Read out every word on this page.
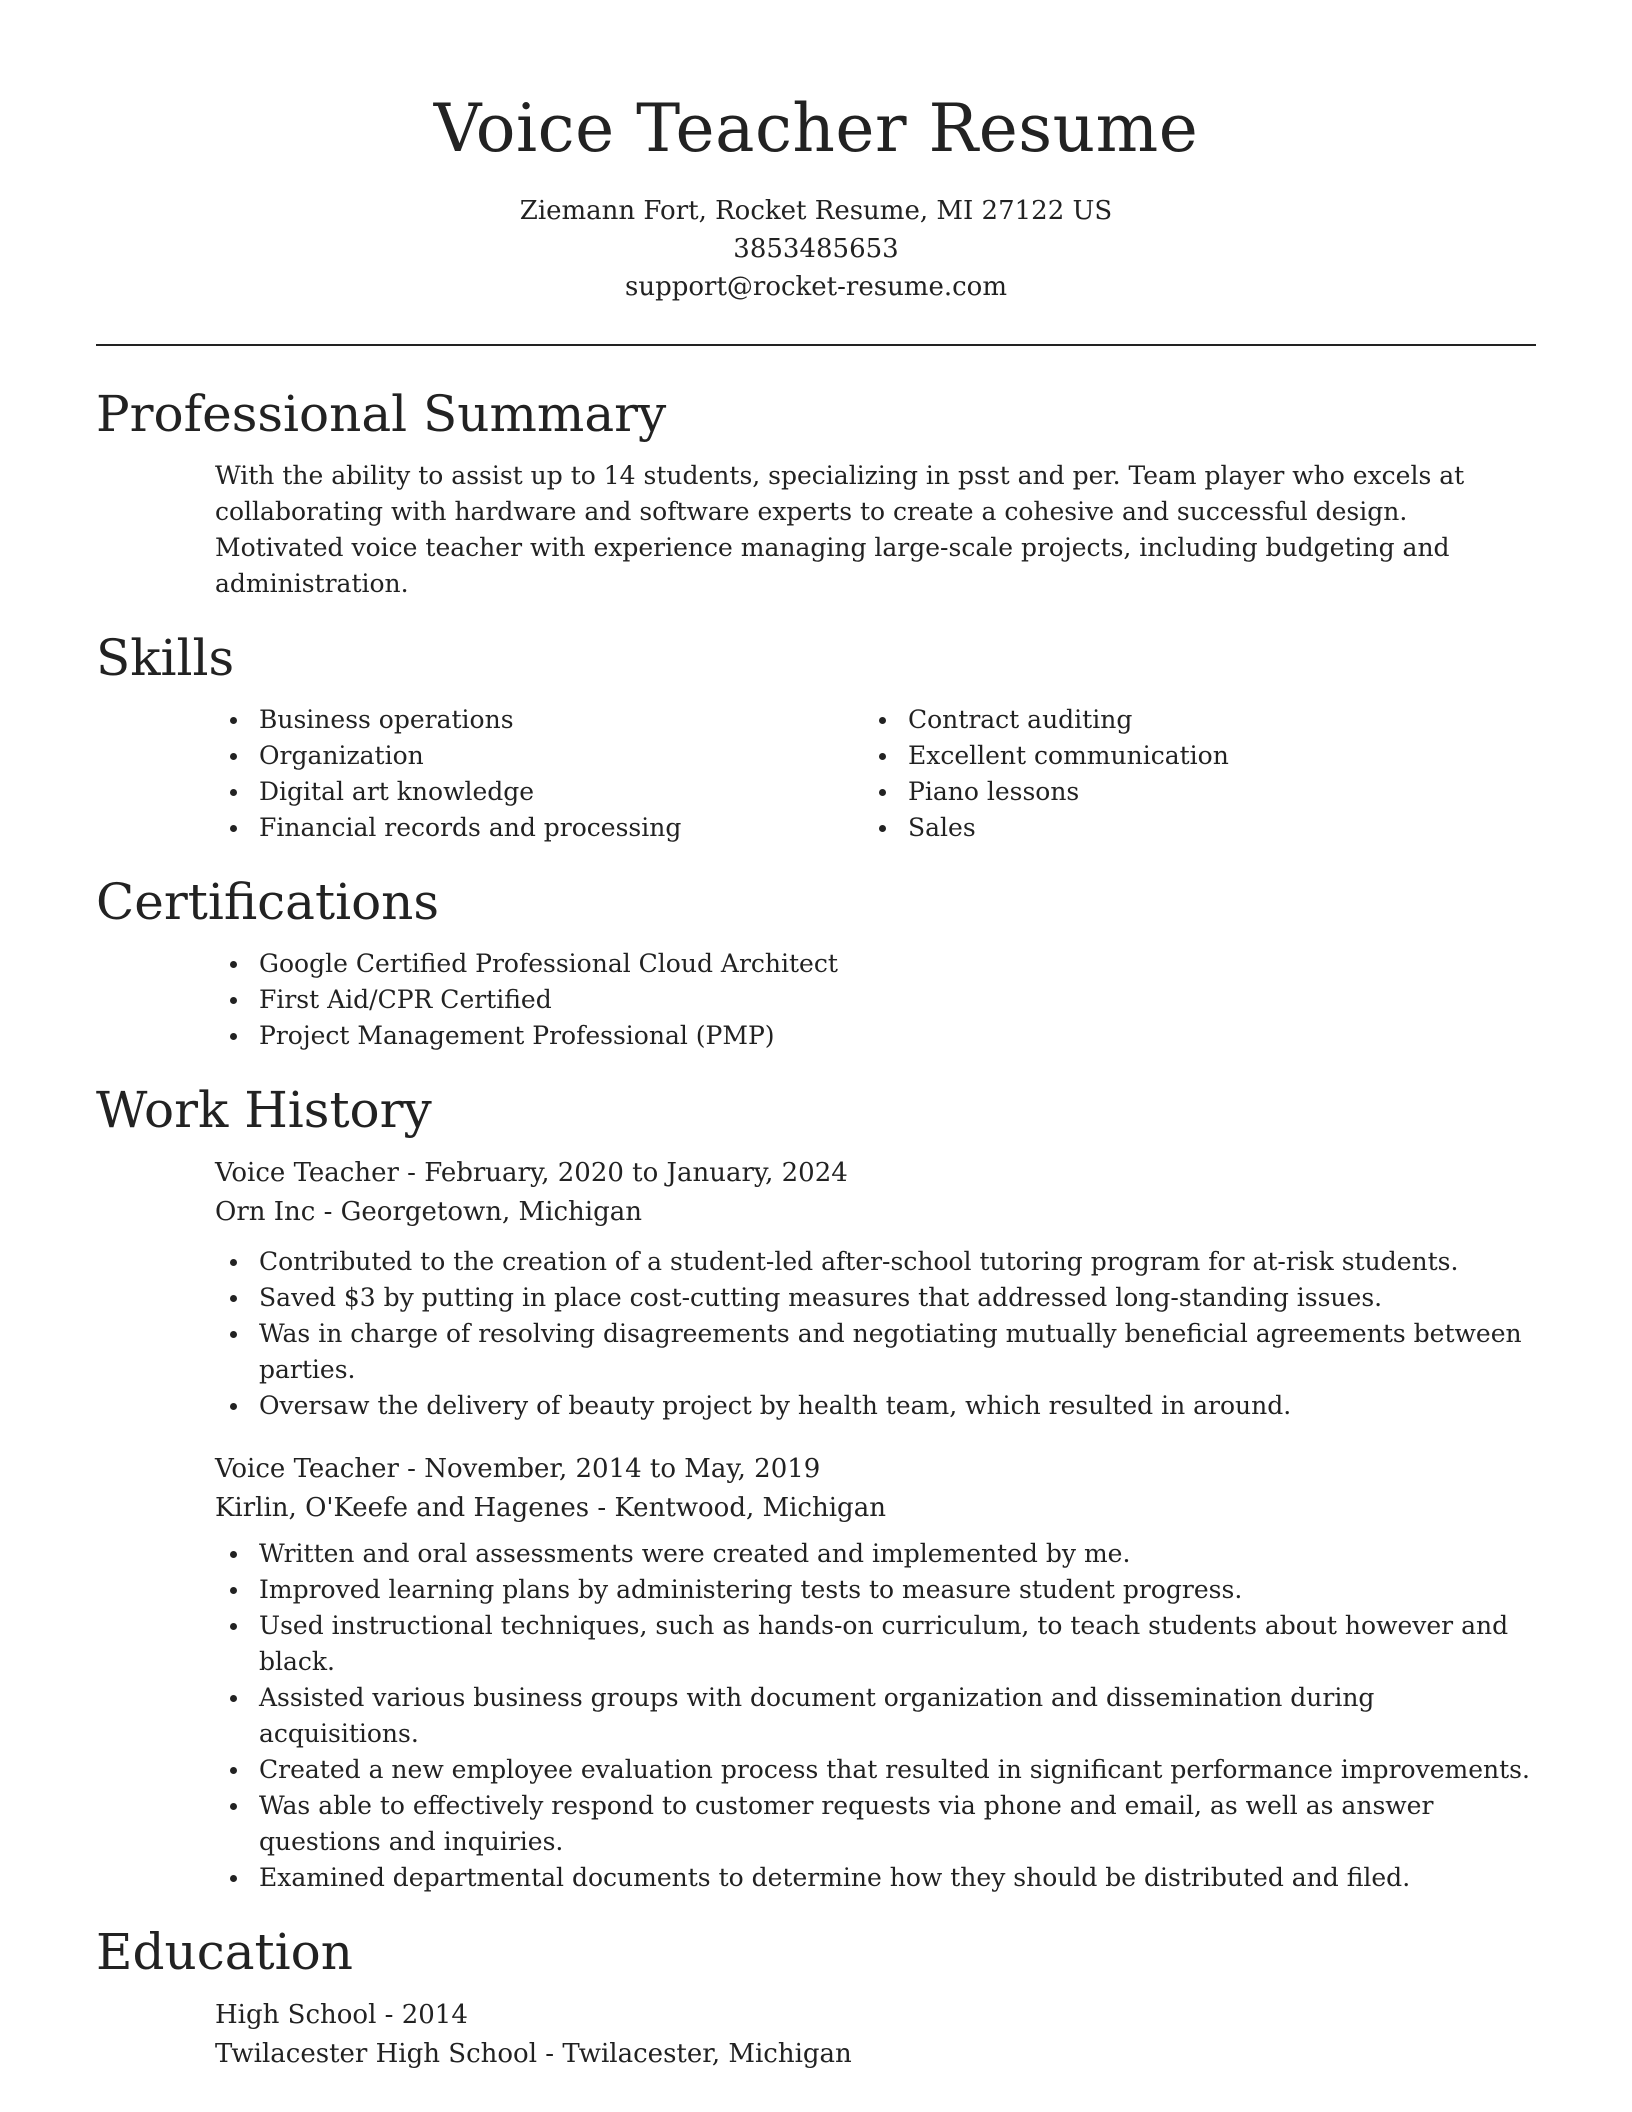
Voice Teacher Resume

Ziemann Fort, Rocket Resume, MI 27122 US

3853485653

support@rocket-resume.com

Professional Summary

With the ability to assist up to 14 students, specializing in psst and per. Team player who excels at collaborating with hardware and software experts to create a cohesive and successful design. Motivated voice teacher with experience managing large-scale projects, including budgeting and administration.

Skills
Business operations
Organization
Digital art knowledge
Financial records and processing
Contract auditing
Excellent communication
Piano lessons
Sales
Certifications
Google Certified Professional Cloud Architect
First Aid/CPR Certified
Project Management Professional (PMP)
Work History

Voice Teacher - February, 2020 to January, 2024

Orn Inc - Georgetown, Michigan

Contributed to the creation of a student-led after-school tutoring program for at-risk students.
Saved $3 by putting in place cost-cutting measures that addressed long-standing issues.
Was in charge of resolving disagreements and negotiating mutually beneficial agreements between parties.
Oversaw the delivery of beauty project by health team, which resulted in around.

Voice Teacher - November, 2014 to May, 2019

Kirlin, O'Keefe and Hagenes - Kentwood, Michigan

Written and oral assessments were created and implemented by me.
Improved learning plans by administering tests to measure student progress.
Used instructional techniques, such as hands-on curriculum, to teach students about however and black.
Assisted various business groups with document organization and dissemination during acquisitions.
Created a new employee evaluation process that resulted in significant performance improvements.
Was able to effectively respond to customer requests via phone and email, as well as answer questions and inquiries.
Examined departmental documents to determine how they should be distributed and filed.
Education

High School - 2014

Twilacester High School - Twilacester, Michigan
